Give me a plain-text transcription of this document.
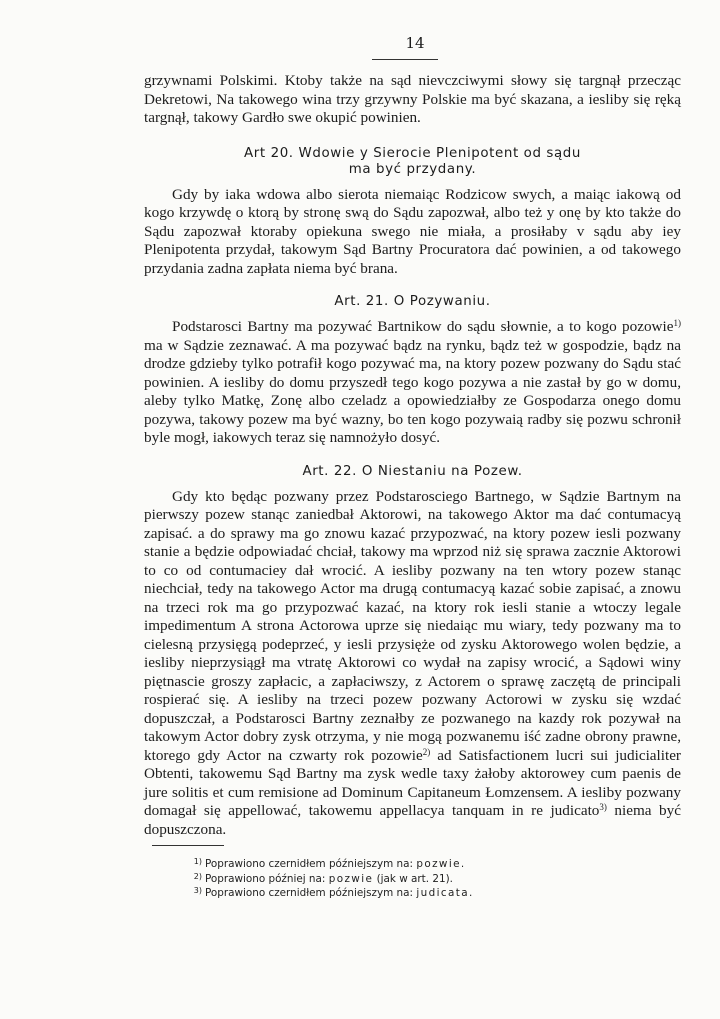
14

grzywnami Polskimi. Ktoby także na sąd nievczciwymi słowy się targnął przecząc Dekretowi, Na takowego wina trzy grzywny Polskie ma być skazana, a iesliby się ręką targnął, takowy Gardło swe okupić powinien.

Art 20. Wdowie y Sierocie Plenipotent od sądu
ma być przydany.

Gdy by iaka wdowa albo sierota niemaiąc Rodzicow swych, a maiąc iakową od kogo krzywdę o ktorą by stronę swą do Sądu zapozwał, albo też y onę by kto także do Sądu zapozwał ktoraby opiekuna swego nie miała, a prosiłaby v sądu aby iey Plenipotenta przydał, takowym Sąd Bartny Procuratora dać powinien, a od takowego przydania zadna zapłata niema być brana.

Art. 21. O Pozywaniu.

Podstarosci Bartny ma pozywać Bartnikow do sądu słownie, a to kogo pozowie$^{1)}$ ma w Sądzie zeznawać. A ma pozywać bądz na rynku, bądz też w gospodzie, bądz na drodze gdzieby tylko potrafił kogo pozywać ma, na ktory pozew pozwany do Sądu stać powinien. A iesliby do domu przyszedł tego kogo pozywa a nie zastał by go w domu, aleby tylko Matkę, Zonę albo czeladz a opowiedziałby ze Gospodarza onego domu pozywa, takowy pozew ma być wazny, bo ten kogo pozywaią radby się pozwu schronił byle mogł, iakowych teraz się namnożyło dosyć.

Art. 22. O Niestaniu na Pozew.

Gdy kto będąc pozwany przez Podstarosciego Bartnego, w Sądzie Bartnym na pierwszy pozew stanąc zaniedbał Aktorowi, na takowego Aktor ma dać contumacyą zapisać. a do sprawy ma go znowu kazać przypozwać, na ktory pozew iesli pozwany stanie a będzie odpowiadać chciał, takowy ma wprzod niż się sprawa zacznie Aktorowi to co od contumaciey dał wrocić. A iesliby pozwany na ten wtory pozew stanąc niechciał, tedy na takowego Actor ma drugą contumacyą kazać sobie zapisać, a znowu na trzeci rok ma go przypozwać kazać, na ktory rok iesli stanie a wtoczy legale impedimentum A strona Actorowa uprze się niedaiąc mu wiary, tedy pozwany ma to cielesną przysięgą podeprzeć, y iesli przysięże od zysku Aktorowego wolen będzie, a iesliby nieprzysiągł ma vtratę Aktorowi co wydał na zapisy wrocić, a Sądowi winy piętnascie groszy zapłacic, a zapłaciwszy, z Actorem o sprawę zaczętą de principali rospierać się. A iesliby na trzeci pozew pozwany Actorowi w zysku się wzdać dopuszczał, a Podstarosci Bartny zeznałby ze pozwanego na kazdy rok pozywał na takowym Actor dobry zysk otrzyma, y nie mogą pozwanemu iść zadne obrony prawne, ktorego gdy Actor na czwarty rok pozowie$^{2)}$ ad Satisfactionem lucri sui judicialiter Obtenti, takowemu Sąd Bartny ma zysk wedle taxy żałoby aktorowey cum paenis de jure solitis et cum remisione ad Dominum Capitaneum Łomzensem. A iesliby pozwany domagał się appellować, takowemu appellacya tanquam in re judicato$^{3)}$ niema być dopuszczona.

1) Poprawiono czernidłem późniejszym na: pozwie.

2) Poprawiono później na: pozwie (jak w art. 21).

3) Poprawiono czernidłem późniejszym na: judicata.
